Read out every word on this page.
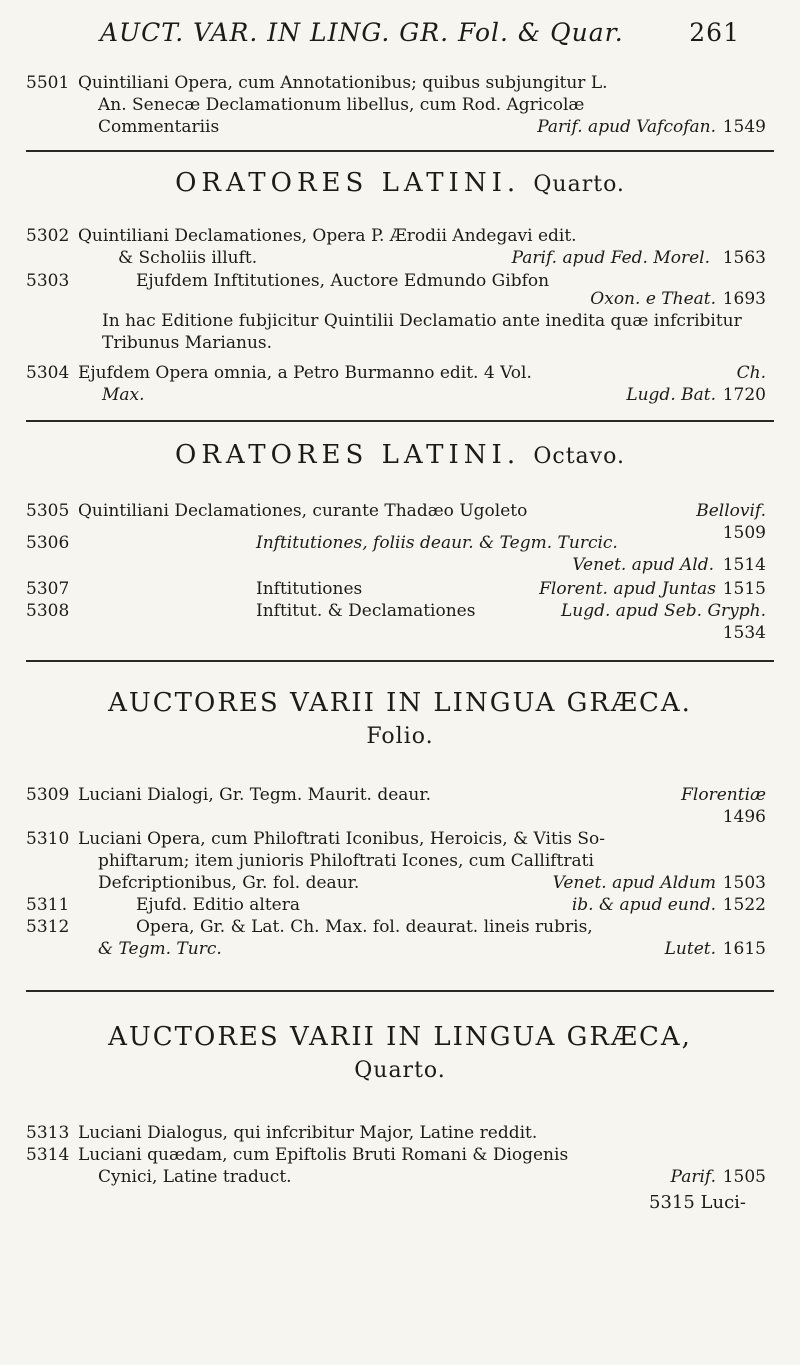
AUCT. VAR. IN LING. GR. Fol. & Quar.	261
5501 Quintiliani Opera, cum Annotationibus; quibus subjungitur L.
An. Senecæ Declamationum libellus, cum Rod. Agricolæ
Commentariis	Parif. apud Vafcofan. 1549
ORATORES LATINI. Quarto.
5302 Quintiliani Declamationes, Opera P. Ærodii Andegavi edit.
& Scholiis illuft.	Parif. apud Fed. Morel. 1563
5303	Ejufdem Inftitutiones, Auctore Edmundo Gibfon
Oxon. e Theat. 1693
In hac Editione fubjicitur Quintilii Declamatio ante inedita quæ infcribitur Tribunus Marianus.
5304 Ejufdem Opera omnia, a Petro Burmanno edit. 4 Vol.	Ch.
Max.	Lugd. Bat. 1720
ORATORES LATINI. Octavo.
5305 Quintiliani Declamationes, curante Thadæo Ugoleto	Bellovif.
1509
5306	Inftitutiones, foliis deaur. & Tegm. Turcic.
Venet. apud Ald. 1514
5307	Inftitutiones	Florent. apud Juntas 1515
5308	Inftitut. & Declamationes	Lugd. apud Seb. Gryph.
1534
AUCTORES VARII IN LINGUA GRÆCA.
Folio.
5309 Luciani Dialogi, Gr. Tegm. Maurit. deaur.	Florentiæ
1496
5310 Luciani Opera, cum Philoftrati Iconibus, Heroicis, & Vitis So-
phiftarum; item junioris Philoftrati Icones, cum Calliftrati
Defcriptionibus, Gr. fol. deaur.	Venet. apud Aldum 1503
5311	Ejufd. Editio altera	ib. & apud eund. 1522
5312	Opera, Gr. & Lat. Ch. Max. fol. deaurat. lineis rubris,
& Tegm. Turc.	Lutet. 1615
AUCTORES VARII IN LINGUA GRÆCA,
Quarto.
5313 Luciani Dialogus, qui infcribitur Major, Latine reddit.
5314 Luciani quædam, cum Epiftolis Bruti Romani & Diogenis
Cynici, Latine traduct.	Parif. 1505
5315 Luci-
